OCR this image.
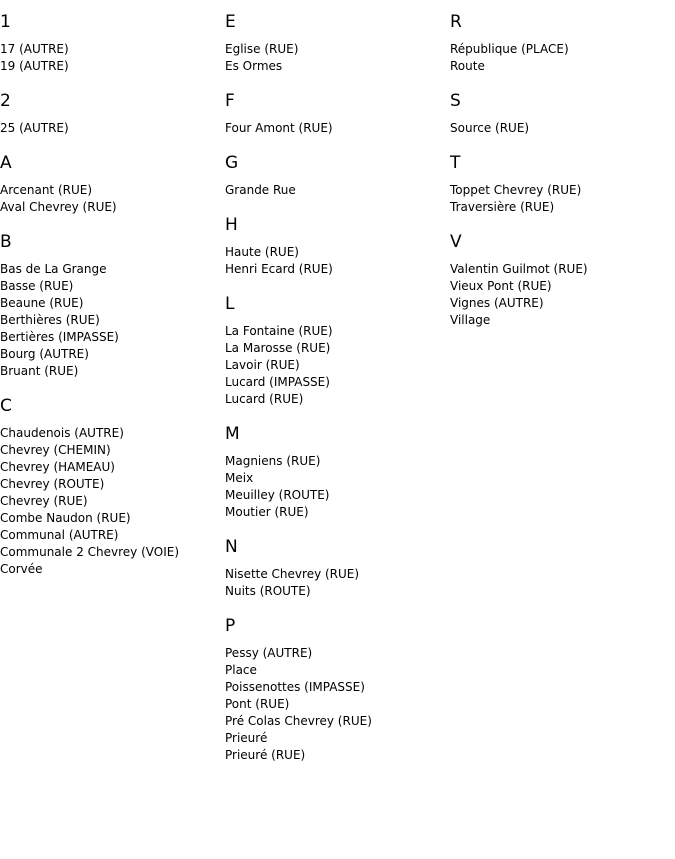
1
17 (AUTRE)
19 (AUTRE)
2
25 (AUTRE)
A
Arcenant (RUE)
Aval Chevrey (RUE)
B
Bas de La Grange
Basse (RUE)
Beaune (RUE)
Berthières (RUE)
Bertières (IMPASSE)
Bourg (AUTRE)
Bruant (RUE)
C
Chaudenois (AUTRE)
Chevrey (CHEMIN)
Chevrey (HAMEAU)
Chevrey (ROUTE)
Chevrey (RUE)
Combe Naudon (RUE)
Communal (AUTRE)
Communale 2 Chevrey (VOIE)
Corvée
E
Eglise (RUE)
Es Ormes
F
Four Amont (RUE)
G
Grande Rue
H
Haute (RUE)
Henri Ecard (RUE)
L
La Fontaine (RUE)
La Marosse (RUE)
Lavoir (RUE)
Lucard (IMPASSE)
Lucard (RUE)
M
Magniens (RUE)
Meix
Meuilley (ROUTE)
Moutier (RUE)
N
Nisette Chevrey (RUE)
Nuits (ROUTE)
P
Pessy (AUTRE)
Place
Poissenottes (IMPASSE)
Pont (RUE)
Pré Colas Chevrey (RUE)
Prieuré
Prieuré (RUE)
R
République (PLACE)
Route
S
Source (RUE)
T
Toppet Chevrey (RUE)
Traversière (RUE)
V
Valentin Guilmot (RUE)
Vieux Pont (RUE)
Vignes (AUTRE)
Village
